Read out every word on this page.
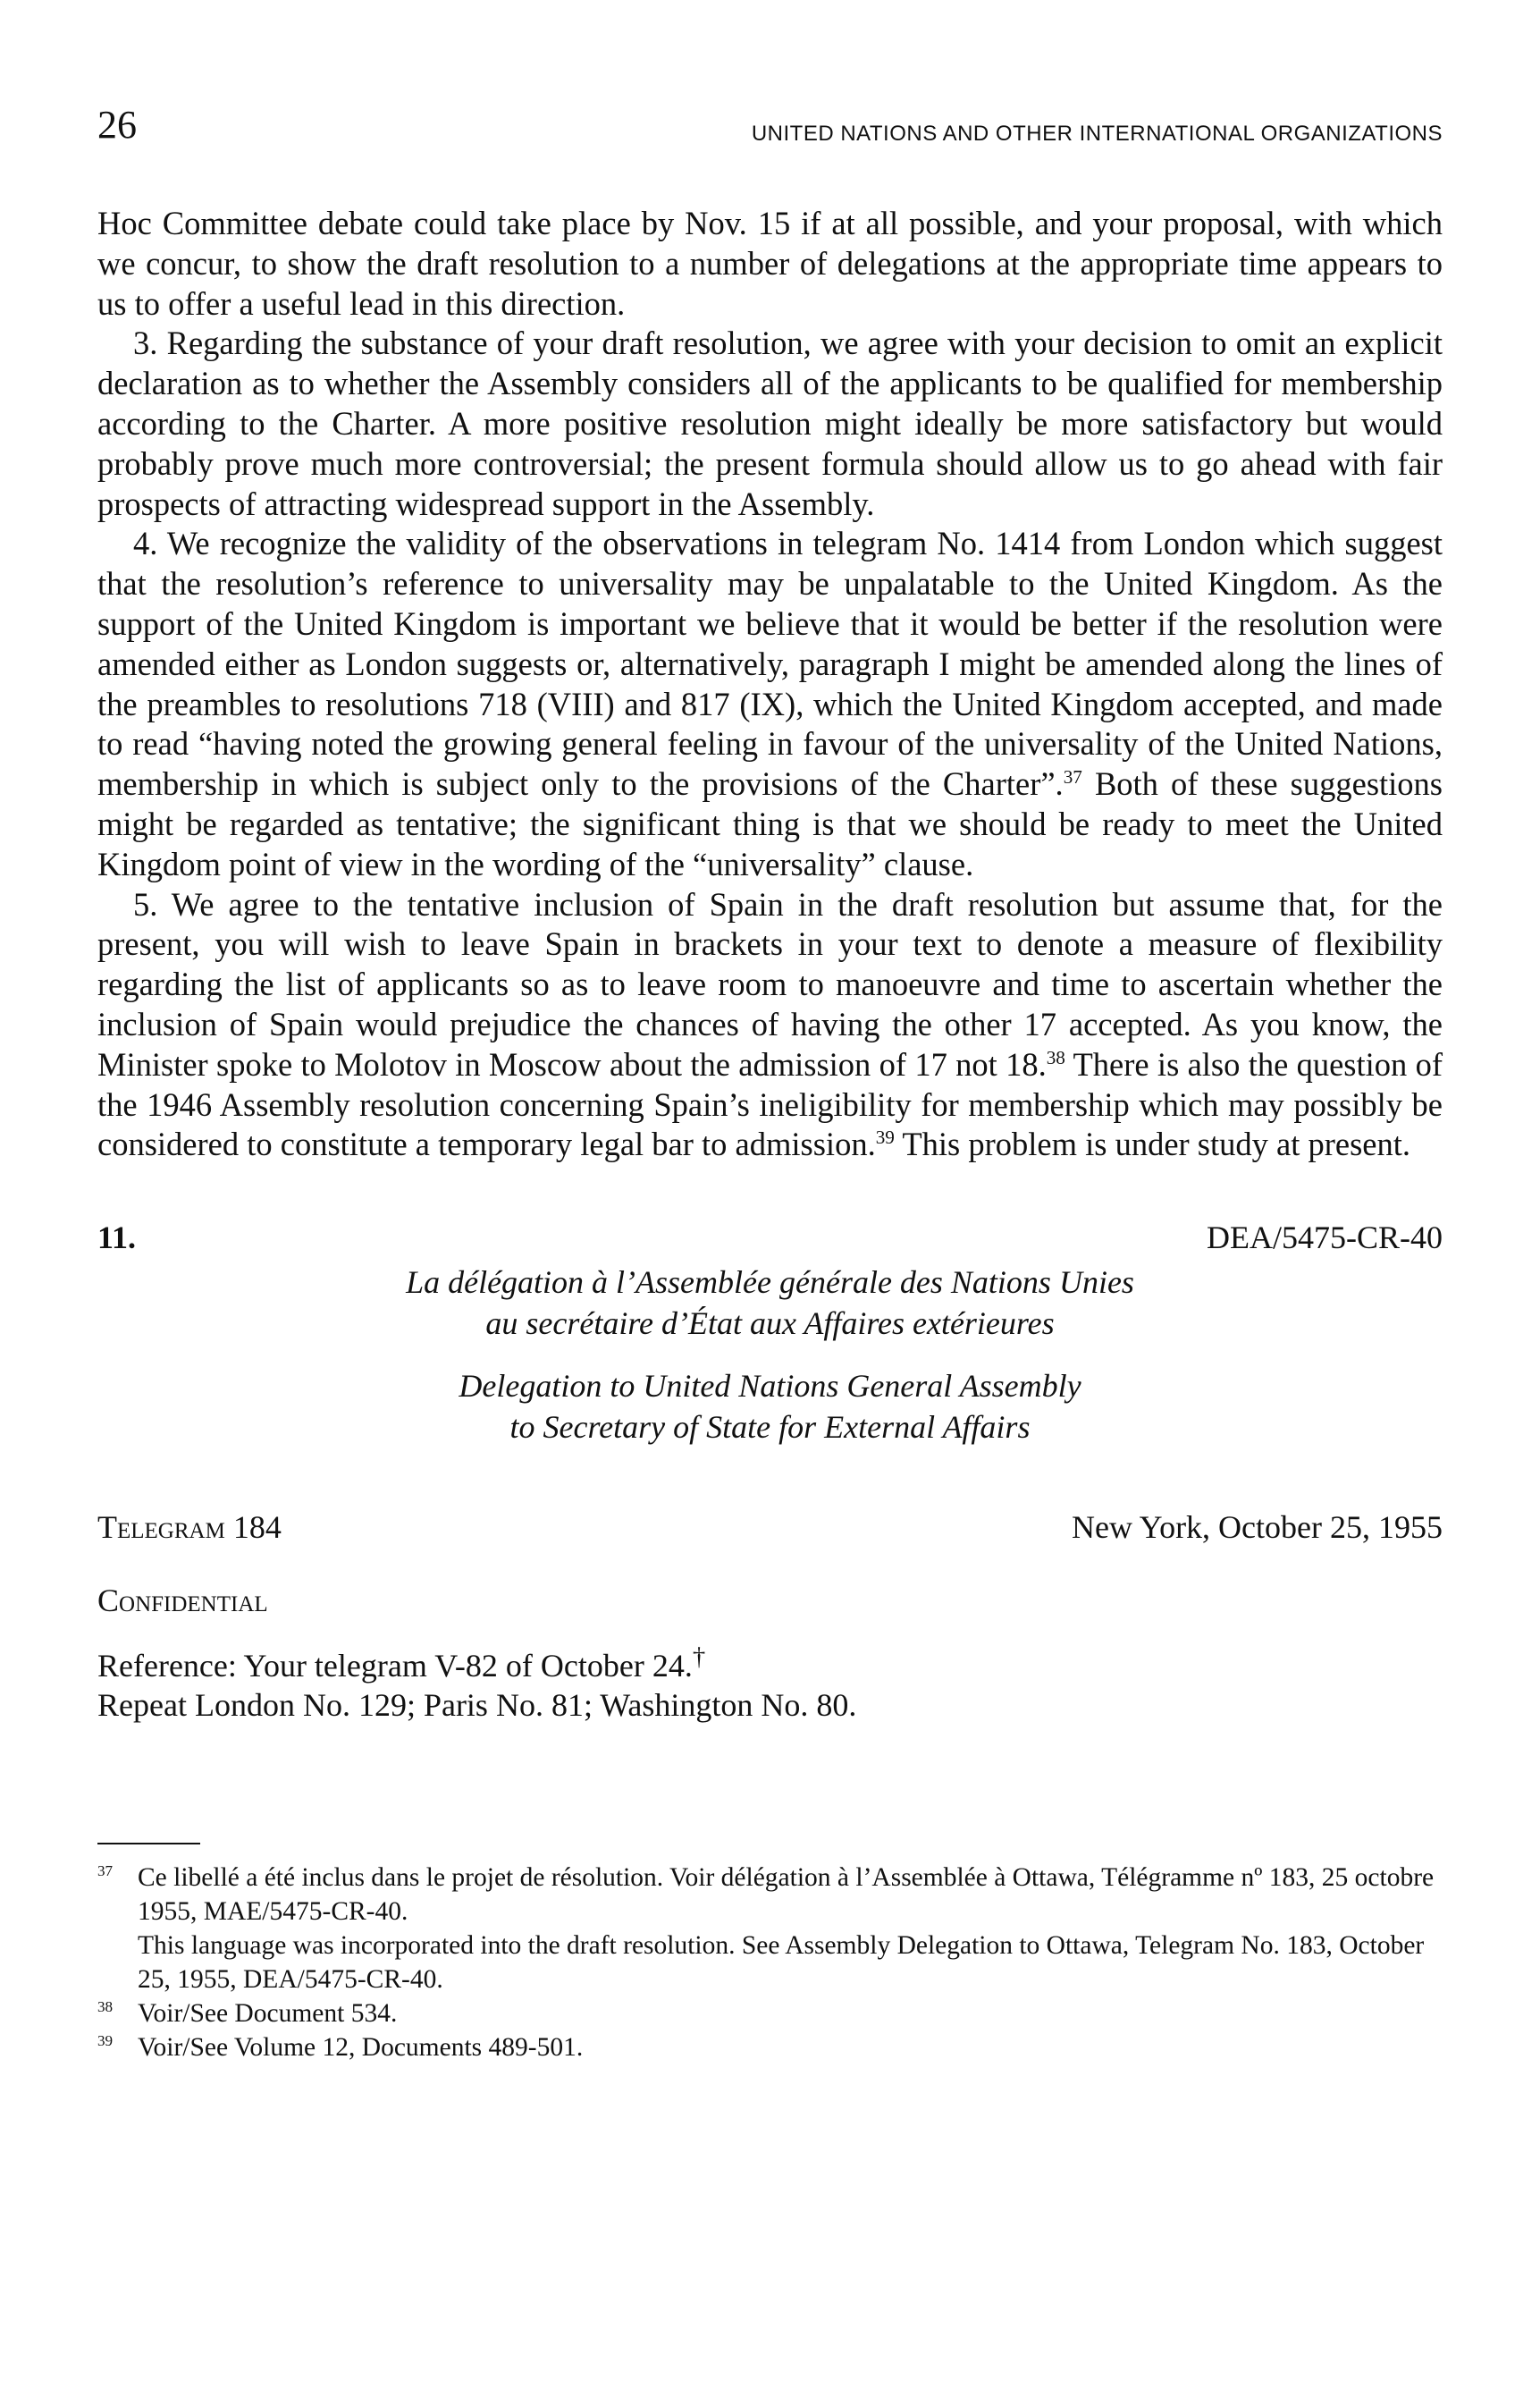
26	UNITED NATIONS AND OTHER INTERNATIONAL ORGANIZATIONS

Hoc Committee debate could take place by Nov. 15 if at all possible, and your proposal, with which we concur, to show the draft resolution to a number of delegations at the appropriate time appears to us to offer a useful lead in this direction.

3. Regarding the substance of your draft resolution, we agree with your decision to omit an explicit declaration as to whether the Assembly considers all of the applicants to be qualified for membership according to the Charter. A more positive resolution might ideally be more satisfactory but would probably prove much more controversial; the present formula should allow us to go ahead with fair prospects of attracting widespread support in the Assembly.

4. We recognize the validity of the observations in telegram No. 1414 from London which suggest that the resolution’s reference to universality may be unpalatable to the United Kingdom. As the support of the United Kingdom is important we believe that it would be better if the resolution were amended either as London suggests or, alternatively, paragraph I might be amended along the lines of the preambles to resolutions 718 (VIII) and 817 (IX), which the United Kingdom accepted, and made to read “having noted the growing general feeling in favour of the universality of the United Nations, membership in which is subject only to the provisions of the Charter”.$^{37}$ Both of these suggestions might be regarded as tentative; the significant thing is that we should be ready to meet the United Kingdom point of view in the wording of the “universality” clause.

5. We agree to the tentative inclusion of Spain in the draft resolution but assume that, for the present, you will wish to leave Spain in brackets in your text to denote a measure of flexibility regarding the list of applicants so as to leave room to manoeuvre and time to ascertain whether the inclusion of Spain would prejudice the chances of having the other 17 accepted. As you know, the Minister spoke to Molotov in Moscow about the admission of 17 not 18.38 There is also the question of the 1946 Assembly resolution concerning Spain’s ineligibility for membership which may possibly be considered to constitute a temporary legal bar to admission.$^{39}$ This problem is under study at present.

11.	DEA/5475-CR-40
La délégation à l’Assemblée générale des Nations Unies
au secrétaire d’État aux Affaires extérieures
Delegation to United Nations General Assembly
to Secretary of State for External Affairs
Telegram 184	New York, October 25, 1955
Confidential
Reference: Your telegram V-82 of October 24.†
Repeat London No. 129; Paris No. 81; Washington No. 80.

$^{37}$ Ce libellé a été inclus dans le projet de résolution. Voir délégation à l’Assemblée à Ottawa, Télégramme nº 183, 25 octobre 1955, MAE/5475-CR-40.

This language was incorporated into the draft resolution. See Assembly Delegation to Ottawa, Telegram No. 183, October 25, 1955, DEA/5475-CR-40.

$^{38}$ Voir/See Document 534.

$^{39}$ Voir/See Volume 12, Documents 489-501.
